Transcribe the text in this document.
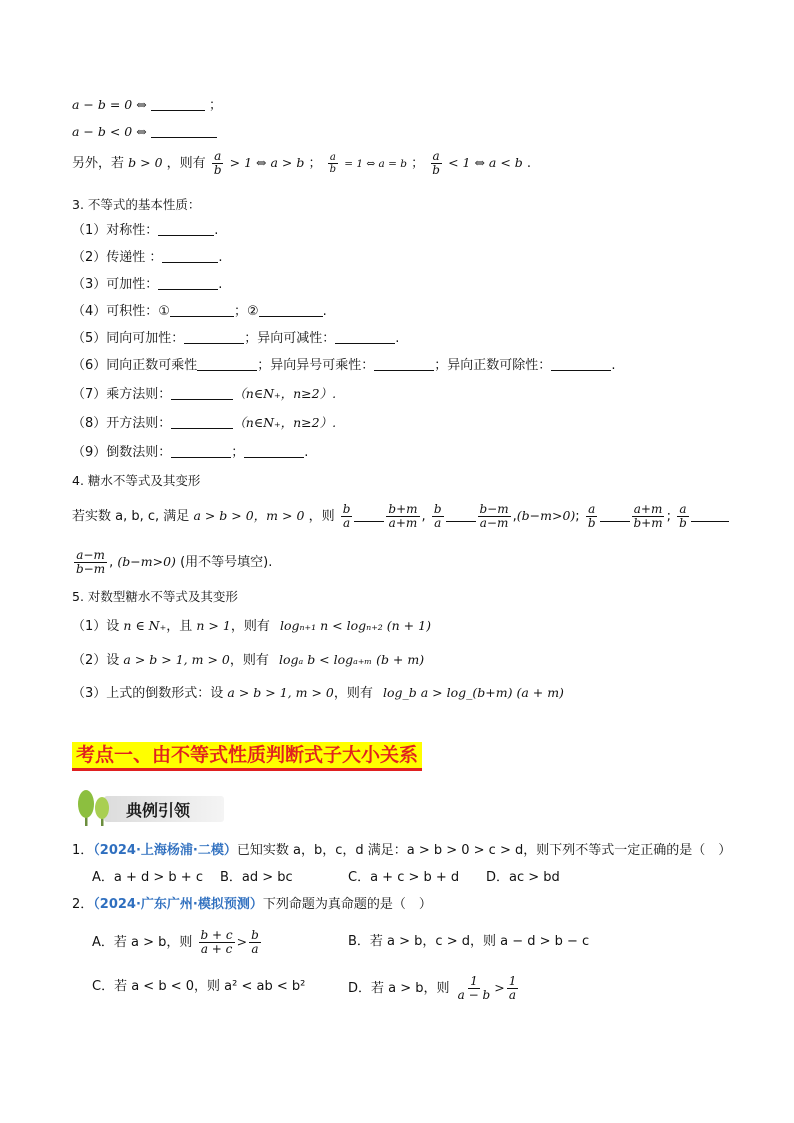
a − b = 0 ⇔	；
a − b < 0 ⇔
另外，若 b > 0 ，则有 $\frac{a}{b} > 1$ ⇔ a > b ； $\frac{a}{b} = 1$ ⇔ a = b ； $\frac{a}{b} < 1$ ⇔ a < b .
3. 不等式的基本性质：
（1）对称性：	.
（2）传递性 ：	.
（3）可加性：	.
（4）可积性：①	；②	.
（5）同向可加性：	；异向可减性：	.
（6）同向正数可乘性	；异向异号可乘性：	；异向正数可除性：	.
（7）乘方法则：	（n∈N₊，n≥2）.
（8）开方法则：	（n∈N₊，n≥2）.
（9）倒数法则：	；	.
4. 糖水不等式及其变形
若实数 a, b, c, 满足 a > b > 0，m > 0 ，则 $\frac{b}{a}$	$\frac{b+m}{a+m}$ , $\frac{b}{a}$	$\frac{b-m}{a-m} ,(b-m>0)$; $\frac{a}{b}$	$\frac{a+m}{b+m}$ ; $\frac{a}{b}$
$\frac{a-m}{b-m}$ , (b−m>0) (用不等号填空).
5. 对数型糖水不等式及其变形
（1）设 n ∈ N₊，且 n > 1，则有 logₙ₊₁ n < logₙ₊₂ (n + 1)
（2）设 a > b > 1, m > 0，则有 logₐ b < logₐ₊ₘ (b + m)
（3）上式的倒数形式：设 a > b > 1, m > 0，则有 log_b a > log_(b+m) (a + m)
考点一、由不等式性质判断式子大小关系
典例引领
1．（2024·上海杨浦·二模）已知实数 a，b，c，d 满足：a > b > 0 > c > d，则下列不等式一定正确的是（　）
A．a + d > b + c B．ad > bc	C．a + c > b + d D．ac > bd
2．（2024·广东广州·模拟预测）下列命题为真命题的是（　）
A．若 a > b，则 $\frac{b + c}{a + c} > \frac{b}{a}$	B．若 a > b，c > d，则 a − d > b − c
C．若 a < b < 0，则 a² < ab < b²	D．若 a > b，则 $\frac{1}{a - b} > \frac{1}{a}$
